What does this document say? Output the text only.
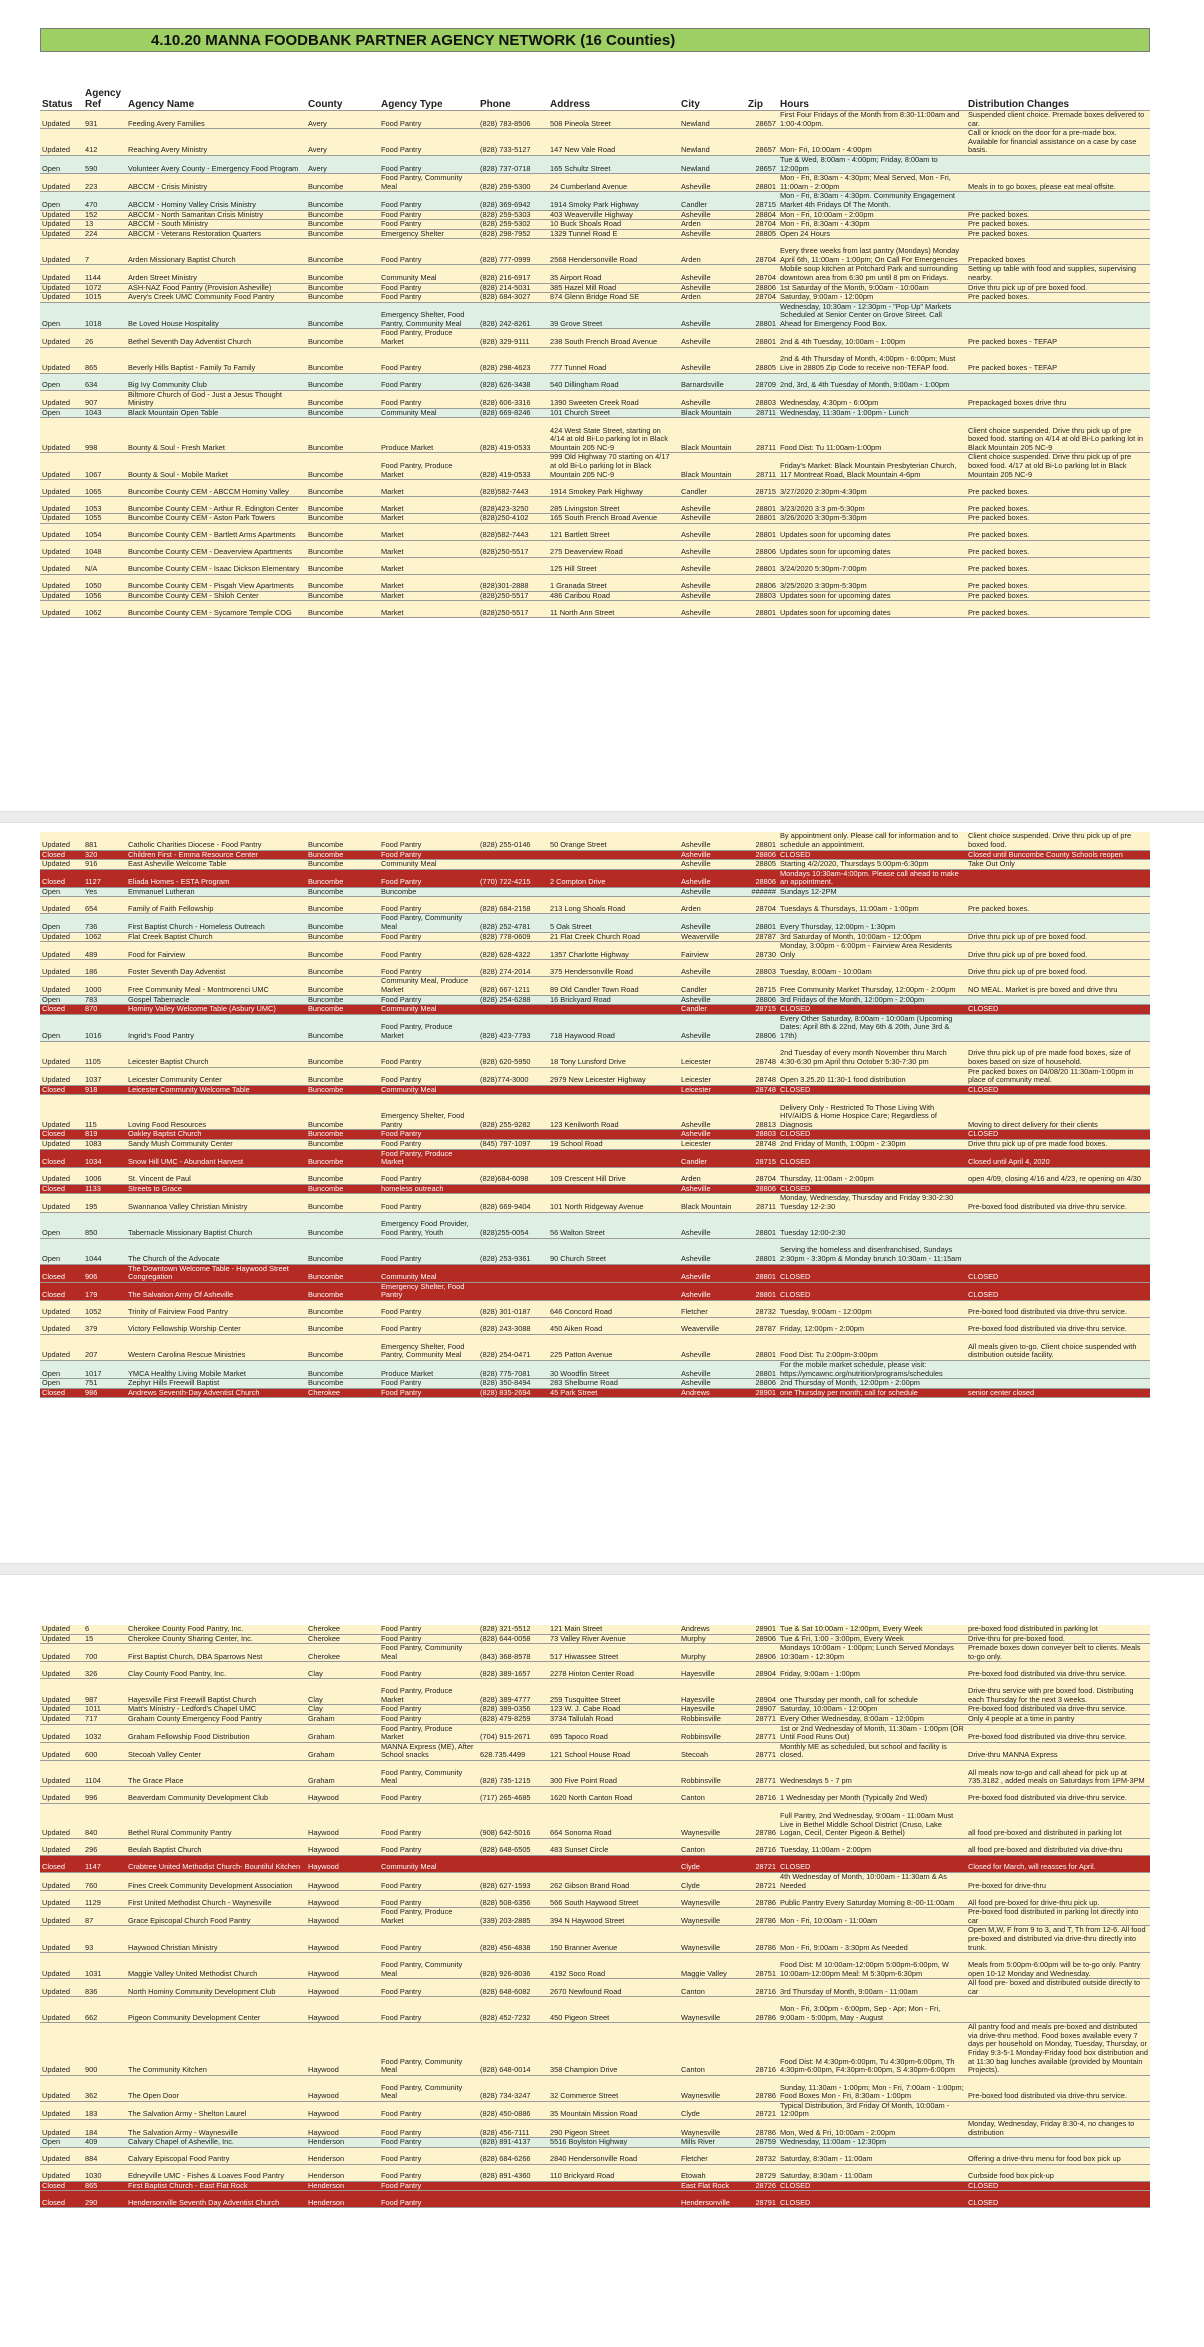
4.10.20 MANNA FOODBANK PARTNER AGENCY NETWORK (16 Counties)
Status	Agency Ref	Agency Name	County	Agency Type	Phone	Address	City	Zip	Hours	Distribution Changes
Updated	931	Feeding Avery Families	Avery	Food Pantry	(828) 783-8506	508 Pineola Street	Newland	28657	First Four Fridays of the Month from 8:30-11:00am and 1:00-4:00pm.	Suspended client choice. Premade boxes delivered to car.
Updated	412	Reaching Avery Ministry	Avery	Food Pantry	(828) 733-5127	147 New Vale Road	Newland	28657	Mon- Fri, 10:00am - 4:00pm	Call or knock on the door for a pre-made box. Available for financial assistance on a case by case basis.
Open	590	Volunteer Avery County - Emergency Food Program	Avery	Food Pantry	(828) 737-0718	165 Schultz Street	Newland	28657	Tue & Wed, 8:00am - 4:00pm; Friday, 8:00am to 12:00pm	
Updated	223	ABCCM - Crisis Ministry	Buncombe	Food Pantry, Community Meal	(828) 259-5300	24 Cumberland Avenue	Asheville	28801	Mon - Fri, 8:30am - 4:30pm; Meal Served, Mon - Fri, 11:00am - 2:00pm	Meals in to go boxes, please eat meal offsite.
Open	470	ABCCM - Hominy Valley Crisis Ministry	Buncombe	Food Pantry	(828) 369-6942	1914 Smoky Park Highway	Candler	28715	Mon - Fri, 8:30am - 4:30pm. Community Engagement Market 4th Fridays Of The Month.	
Updated	152	ABCCM - North Samaritan Crisis Ministry	Buncombe	Food Pantry	(828) 259-5303	403 Weaverville Highway	Asheville	28804	Mon - Fri, 10:00am - 2:00pm	Pre packed boxes.
Updated	13	ABCCM - South Ministry	Buncombe	Food Pantry	(828) 259-5302	10 Buck Shoals Road	Arden	28704	Mon - Fri, 8:30am - 4:30pm	Pre packed boxes.
Updated	224	ABCCM - Veterans Restoration Quarters	Buncombe	Emergency Shelter	(828) 298-7952	1329 Tunnel Road E	Asheville	28805	Open 24 Hours	Pre packed boxes.
Updated	7	Arden Missionary Baptist Church	Buncombe	Food Pantry	(828) 777-0999	2568 Hendersonville Road	Arden	28704	Every three weeks from last pantry (Mondays) Monday April 6th, 11:00am - 1:00pm; On Call For Emergencies	Prepacked boxes
Updated	1144	Arden Street Ministry	Buncombe	Community Meal	(828) 216-6917	35 Airport Road	Asheville	28704	Mobile soup kitchen at Pritchard Park and surrounding downtown area from 6:30 pm until 8 pm on Fridays.	Setting up table with food and supplies, supervising nearby.
Updated	1072	ASH-NAZ Food Pantry (Provision Asheville)	Buncombe	Food Pantry	(828) 214-5031	385 Hazel Mill Road	Asheville	28806	1st Saturday of the Month, 9:00am - 10:00am	Drive thru pick up of pre boxed food.
Updated	1015	Avery's Creek UMC Community Food Pantry	Buncombe	Food Pantry	(828) 684-3027	874 Glenn Bridge Road SE	Arden	28704	Saturday, 9:00am - 12:00pm	Pre packed boxes.
Open	1018	Be Loved House Hospitality	Buncombe	Emergency Shelter, Food Pantry, Community Meal	(828) 242-8261	39 Grove Street	Asheville	28801	Wednesday, 10:30am - 12:30pm - "Pop Up" Markets Scheduled at Senior Center on Grove Street. Call Ahead for Emergency Food Box.	
Updated	26	Bethel Seventh Day Adventist Church	Buncombe	Food Pantry, Produce Market	(828) 329-9111	238 South French Broad Avenue	Asheville	28801	2nd & 4th Tuesday, 10:00am - 1:00pm	Pre packed boxes - TEFAP
Updated	865	Beverly Hills Baptist - Family To Family	Buncombe	Food Pantry	(828) 298-4623	777 Tunnel Road	Asheville	28805	2nd & 4th Thursday of Month, 4:00pm - 6:00pm; Must Live in 28805 Zip Code to receive non-TEFAP food.	Pre packed boxes - TEFAP
Open	634	Big Ivy Community Club	Buncombe	Food Pantry	(828) 626-3438	540 Dillingham Road	Barnardsville	28709	2nd, 3rd, & 4th Tuesday of Month, 9:00am - 1:00pm	
Updated	907	Biltmore Church of God - Just a Jesus Thought Ministry	Buncombe	Food Pantry	(828) 606-3316	1390 Sweeten Creek Road	Asheville	28803	Wednesday, 4:30pm - 6:00pm	Prepackaged boxes drive thru
Open	1043	Black Mountain Open Table	Buncombe	Community Meal	(828) 669-8246	101 Church Street	Black Mountain	28711	Wednesday, 11:30am - 1:00pm - Lunch	
Updated	998	Bounty & Soul - Fresh Market	Buncombe	Produce Market	(828) 419-0533	424 West State Street, starting on 4/14 at old Bi-Lo parking lot in Black Mountain 205 NC-9	Black Mountain	28711	Food Dist: Tu 11:00am-1:00pm	Client choice suspended. Drive thru pick up of pre boxed food. starting on 4/14 at old Bi-Lo parking lot in Black Mountain 205 NC-9
Updated	1067	Bounty & Soul - Mobile Market	Buncombe	Food Pantry, Produce Market	(828) 419-0533	999 Old Highway 70 starting on 4/17 at old Bi-Lo parking lot in Black Mountain 205 NC-9	Black Mountain	28711	Friday's Market: Black Mountain Presbyterian Church, 117 Montreat Road, Black Mountain 4-6pm	Client choice suspended. Drive thru pick up of pre boxed food. 4/17 at old Bi-Lo parking lot in Black Mountain 205 NC-9
Updated	1065	Buncombe County CEM - ABCCM Hominy Valley	Buncombe	Market	(828)582-7443	1914 Smokey Park Highway	Candler	28715	3/27/2020 2:30pm-4:30pm	Pre packed boxes.
Updated	1053	Buncombe County CEM - Arthur R. Edington Center	Buncombe	Market	(828)423-3250	285 Livingston Street	Asheville	28801	3/23/2020 3:3 pm-5:30pm	Pre packed boxes.
Updated	1055	Buncombe County CEM - Aston Park Towers	Buncombe	Market	(828)250-4102	165 South French Broad Avenue	Asheville	28801	3/26/2020 3:30pm-5:30pm	Pre packed boxes.
Updated	1054	Buncombe County CEM - Bartlett Arms Apartments	Buncombe	Market	(828)582-7443	121 Bartlett Street	Asheville	28801	Updates soon for upcoming dates	Pre packed boxes.
Updated	1048	Buncombe County CEM - Deaverview Apartments	Buncombe	Market	(828)250-5517	275 Deaverview Road	Asheville	28806	Updates soon for upcoming dates	Pre packed boxes.
Updated	N/A	Buncombe County CEM - Isaac Dickson Elementary	Buncombe	Market		125 Hill Street	Asheville	28801	3/24/2020 5:30pm-7:00pm	Pre packed boxes.
Updated	1050	Buncombe County CEM - Pisgah View Apartments	Buncombe	Market	(828)301-2888	1 Granada Street	Asheville	28806	3/25/2020 3:30pm-5:30pm	Pre packed boxes.
Updated	1056	Buncombe County CEM - Shiloh Center	Buncombe	Market	(828)250-5517	486 Caribou Road	Asheville	28803	Updates soon for upcoming dates	Pre packed boxes.
Updated	1062	Buncombe County CEM - Sycamore Temple COG	Buncombe	Market	(828)250-5517	11 North Ann Street	Asheville	28801	Updates soon for upcoming dates	Pre packed boxes.
Updated	881	Catholic Charities Diocese - Food Pantry	Buncombe	Food Pantry	(828) 255-0146	50 Orange Street	Asheville	28801	By appointment only. Please call for information and to schedule an appointment.	Client choice suspended. Drive thru pick up of pre boxed food.
Closed	320	Children First - Emma Resource Center	Buncombe	Food Pantry			Asheville	28806	CLOSED	Closed until Buncombe County Schools reopen
Updated	916	East Asheville Welcome Table	Buncombe	Community Meal			Asheville	28805	Starting 4/2/2020, Thursdays 5:00pm-6:30pm	Take Out Only
Closed	1127	Eliada Homes - ESTA Program	Buncombe	Food Pantry	(770) 722-4215	2 Compton Drive	Asheville	28806	Mondays 10:30am-4:00pm. Please call ahead to make an appointment.	
Open	Yes	Emmanuel Lutheran	Buncombe	Buncombe			Asheville	######	Sundays 12-2PM	
Updated	654	Family of Faith Fellowship	Buncombe	Food Pantry	(828) 684-2158	213 Long Shoals Road	Arden	28704	Tuesdays & Thursdays, 11:00am - 1:00pm	Pre packed boxes.
Open	736	First Baptist Church - Homeless Outreach	Buncombe	Food Pantry, Community Meal	(828) 252-4781	5 Oak Street	Asheville	28801	Every Thursday, 12:00pm - 1:30pm	
Updated	1062	Flat Creek Baptist Church	Buncombe	Food Pantry	(828) 778-0609	21 Flat Creek Church Road	Weaverville	28787	3rd Saturday of Month, 10:00am - 12:00pm	Drive thru pick up of pre boxed food.
Updated	489	Food for Fairview	Buncombe	Food Pantry	(828) 628-4322	1357 Charlotte Highway	Fairview	28730	Monday, 3:00pm - 6:00pm - Fairview Area Residents Only	Drive thru pick up of pre boxed food.
Updated	186	Foster Seventh Day Adventist	Buncombe	Food Pantry	(828) 274-2014	375 Hendersonville Road	Asheville	28803	Tuesday, 8:00am - 10:00am	Drive thru pick up of pre boxed food.
Updated	1000	Free Community Meal - Montmorenci UMC	Buncombe	Community Meal, Produce Market	(828) 667-1211	89 Old Candler Town Road	Candler	28715	Free Community Market Thursday, 12:00pm - 2:00pm	NO MEAL. Market is pre boxed and drive thru
Open	783	Gospel Tabernacle	Buncombe	Food Pantry	(828) 254-6288	16 Brickyard Road	Asheville	28806	3rd Fridays of the Month, 12:00pm - 2:00pm	
Closed	870	Hominy Valley Welcome Table (Asbury UMC)	Buncombe	Community Meal			Candler	28715	CLOSED	CLOSED
Open	1016	Ingrid's Food Pantry	Buncombe	Food Pantry, Produce Market	(828) 423-7793	718 Haywood Road	Asheville	28806	Every Other Saturday, 8:00am - 10:00am (Upcoming Dates: April 8th & 22nd, May 6th & 20th, June 3rd & 17th)	
Updated	1105	Leicester Baptist Church	Buncombe	Food Pantry	(828) 620-5950	18 Tony Lunsford Drive	Leicester	28748	2nd Tuesday of every month November thru March 4:30-6:30 pm April thru October 5:30-7:30 pm	Drive thru pick up of pre made food boxes, size of boxes based on size of household.
Updated	1037	Leicester Community Center	Buncombe	Food Pantry	(828)774-3000	2979 New Leicester Highway	Leicester	28748	Open 3.25.20 11:30-1 food distribution	Pre packed boxes on 04/08/20 11:30am-1:00pm in place of community meal.
Closed	918	Leicester Community Welcome Table	Buncombe	Community Meal			Leicester	28748	CLOSED	CLOSED
Updated	115	Loving Food Resources	Buncombe	Emergency Shelter, Food Pantry	(828) 255-9282	123 Kenilworth Road	Asheville	28813	Delivery Only - Restricted To Those Living With HIV/AIDS & Home Hospice Care; Regardless of Diagnosis	Moving to direct delivery for their clients
Closed	819	Oakley Baptist Church	Buncombe	Food Pantry			Asheville	28803	CLOSED	CLOSED
Updated	1083	Sandy Mush Community Center	Buncombe	Food Pantry	(845) 797-1097	19 School Road	Leicester	28748	2nd Friday of Month, 1:00pm - 2:30pm	Drive thru pick up of pre made food boxes.
Closed	1034	Snow Hill UMC - Abundant Harvest	Buncombe	Food Pantry, Produce Market			Candler	28715	CLOSED	Closed until April 4, 2020
Updated	1006	St. Vincent de Paul	Buncombe	Food Pantry	(828)684-6098	109 Crescent Hill Drive	Arden	28704	Thursday, 11:00am - 2:00pm	open 4/09, closing 4/16 and 4/23, re opening on 4/30
Closed	1133	Streets to Grace	Buncombe	homeless outreach			Asheville	28806	CLOSED	
Updated	195	Swannanoa Valley Christian Ministry	Buncombe	Food Pantry	(828) 669-9404	101 North Ridgeway Avenue	Black Mountain	28711	Monday, Wednesday, Thursday and Friday 9:30-2:30 Tuesday 12-2:30	Pre-boxed food distributed via drive-thru service.
Open	850	Tabernacle Missionary Baptist Church	Buncombe	Emergency Food Provider, Food Pantry, Youth	(828)255-0054	56 Walton Street	Asheville	28801	Tuesday 12:00-2:30	
Open	1044	The Church of the Advocate	Buncombe	Food Pantry	(828) 253-9361	90 Church Street	Asheville	28801	Serving the homeless and disenfranchised, Sundays 2:30pm - 3:30pm & Monday brunch 10:30am - 11:15am	
Closed	906	The Downtown Welcome Table - Haywood Street Congregation	Buncombe	Community Meal			Asheville	28801	CLOSED	CLOSED
Closed	179	The Salvation Army Of Asheville	Buncombe	Emergency Shelter, Food Pantry			Asheville	28801	CLOSED	CLOSED
Updated	1052	Trinity of Fairview Food Pantry	Buncombe	Food Pantry	(828) 301-0187	646 Concord Road	Fletcher	28732	Tuesday, 9:00am - 12:00pm	Pre-boxed food distributed via drive-thru service.
Updated	379	Victory Fellowship Worship Center	Buncombe	Food Pantry	(828) 243-3088	450 Aiken Road	Weaverville	28787	Friday, 12:00pm - 2:00pm	Pre-boxed food distributed via drive-thru service.
Updated	207	Western Carolina Rescue Ministries	Buncombe	Emergency Shelter, Food Pantry, Community Meal	(828) 254-0471	225 Patton Avenue	Asheville	28801	Food Dist: Tu 2:00pm-3:00pm	All meals given to-go. Client choice suspended with distribution outside facility.
Open	1017	YMCA Healthy Living Mobile Market	Buncombe	Produce Market	(828) 775-7081	30 Woodfin Street	Asheville	28801	For the mobile market schedule, please visit: https://ymcawnc.org/nutrition/programs/schedules	
Open	751	Zephyr Hills Freewill Baptist	Buncombe	Food Pantry	(828) 350-8494	283 Shelburne Road	Asheville	28806	2nd Thursday of Month, 12:00pm - 2:00pm	
Closed	986	Andrews Seventh-Day Adventist Church	Cherokee	Food Pantry	(828) 835-2694	45 Park Street	Andrews	28901	one Thursday per month; call for schedule	senior center closed
Updated	6	Cherokee County Food Pantry, Inc.	Cherokee	Food Pantry	(828) 321-5512	121 Main Street	Andrews	28901	Tue & Sat 10:00am - 12:00pm, Every Week	pre-boxed food distributed in parking lot
Updated	15	Cherokee County Sharing Center, Inc.	Cherokee	Food Pantry	(828) 644-0058	73 Valley River Avenue	Murphy	28906	Tue & Fri, 1:00 - 3:00pm, Every Week	Drive-thru for pre-boxed food.
Updated	700	First Baptist Church, DBA Sparrows Nest	Cherokee	Food Pantry, Community Meal	(843) 368-8578	517 Hiwassee Street	Murphy	28906	Mondays 10:00am - 1:00pm; Lunch Served Mondays 10:30am - 12:30pm	Premade boxes down conveyer belt to clients. Meals to-go only.
Updated	326	Clay County Food Pantry, Inc.	Clay	Food Pantry	(828) 389-1657	2278 Hinton Center Road	Hayesville	28904	Friday, 9:00am - 1:00pm	Pre-boxed food distributed via drive-thru service.
Updated	987	Hayesville First Freewill Baptist Church	Clay	Food Pantry, Produce Market	(828) 389-4777	259 Tusquittee Street	Hayesville	28904	one Thursday per month, call for schedule	Drive-thru service with pre boxed food. Distributing each Thursday for the next 3 weeks.
Updated	1011	Matt's Ministry - Ledford's Chapel UMC	Clay	Food Pantry	(828) 389-0356	123 W. J. Cabe Road	Hayesville	28907	Saturday, 10:00am - 12:00pm	Pre-boxed food distributed via drive-thru service.
Updated	717	Graham County Emergency Food Pantry	Graham	Food Pantry	(828) 479-8259	3734 Tallulah Road	Robbinsville	28771	Every Other Wednesday, 8:00am - 12:00pm	Only 4 people at a time in pantry
Updated	1032	Graham Fellowship Food Distribution	Graham	Food Pantry, Produce Market	(704) 915-2671	695 Tapoco Road	Robbinsville	28771	1st or 2nd Wednesday of Month, 11:30am - 1:00pm (OR Until Food Runs Out)	Pre-boxed food distributed via drive-thru service.
Updated	600	Stecoah Valley Center	Graham	MANNA Express (ME), After School snacks	628.735.4499	121 School House Road	Stecoah	28771	Monthly ME as scheduled, but school and facility is closed.	Drive-thru MANNA Express
Updated	1104	The Grace Place	Graham	Food Pantry, Community Meal	(828) 735-1215	300 Five Point Road	Robbinsville	28771	Wednesdays 5 - 7 pm	All meals now to-go and call ahead for pick up at 735.3182 , added meals on Saturdays from 1PM-3PM
Updated	996	Beaverdam Community Development Club	Haywood	Food Pantry	(717) 265-4685	1620 North Canton Road	Canton	28716	1 Wednesday per Month (Typically 2nd Wed)	Pre-boxed food distributed via drive-thru service.
Updated	840	Bethel Rural Community Pantry	Haywood	Food Pantry	(908) 642-5016	664 Sonoma Road	Waynesville	28786	Full Pantry, 2nd Wednesday, 9:00am - 11:00am Must Live in Bethel Middle School District (Cruso, Lake Logan, Cecil, Center Pigeon & Bethel)	all food pre-boxed and distributed in parking lot
Updated	296	Beulah Baptist Church	Haywood	Food Pantry	(828) 648-6505	483 Sunset Circle	Canton	28716	Tuesday, 11:00am - 2:00pm	all food pre-boxed and distributed via drive-thru
Closed	1147	Crabtree United Methodist Church- Bountiful Kitchen	Haywood	Community Meal			Clyde	28721	CLOSED	Closed for March, will reasses for April.
Updated	760	Fines Creek Community Development Association	Haywood	Food Pantry	(828) 627-1593	262 Gibson Brand Road	Clyde	28721	4th Wednesday of Month, 10:00am - 11:30am & As Needed	Pre-boxed for drive-thru
Updated	1129	First United Methodist Church - Waynesville	Haywood	Food Pantry	(828) 508-6356	566 South Haywood Street	Waynesville	28786	Public Pantry Every Saturday Morning 8:-00-11:00am	All food pre-boxed for drive-thru pick up.
Updated	87	Grace Episcopal Church Food Pantry	Haywood	Food Pantry, Produce Market	(339) 203-2885	394 N Haywood Street	Waynesville	28786	Mon - Fri, 10:00am - 11:00am	Pre-boxed food distributed in parking lot directly into car
Updated	93	Haywood Christian Ministry	Haywood	Food Pantry	(828) 456-4838	150 Branner Avenue	Waynesville	28786	Mon - Fri, 9:00am - 3:30pm As Needed	Open M,W, F from 9 to 3, and T, Th from 12-6. All food pre-boxed and distributed via drive-thru directly into trunk.
Updated	1031	Maggie Valley United Methodist Church	Haywood	Food Pantry, Community Meal	(828) 926-8036	4192 Soco Road	Maggie Valley	28751	Food Dist: M 10:00am-12:00pm 5:00pm-6:00pm, W 10:00am-12:00pm Meal: M 5:30pm-6:30pm	Meals from 5:00pm-6:00pm will be to-go only. Pantry open 10-12 Monday and Wednesday.
Updated	836	North Hominy Community Development Club	Haywood	Food Pantry	(828) 648-6082	2670 Newfound Road	Canton	28716	3rd Thursday of Month, 9:00am - 11:00am	All food pre- boxed and distributed outside directly to car
Updated	662	Pigeon Community Development Center	Haywood	Food Pantry	(828) 452-7232	450 Pigeon Street	Waynesville	28786	Mon - Fri, 3:00pm - 6:00pm, Sep - Apr; Mon - Fri, 9:00am - 5:00pm, May - August	
Updated	900	The Community Kitchen	Haywood	Food Pantry, Community Meal	(828) 648-0014	358 Champion Drive	Canton	28716	Food Dist: M 4:30pm-6:00pm, Tu 4:30pm-6:00pm, Th 4:30pm-6:00pm, F4:30pm-6:00pm, S 4:30pm-6:00pm	All pantry food and meals pre-boxed and distributed via drive-thru method. Food boxes available every 7 days per household on Monday, Tuesday, Thursday, or Friday 9:3-5-1 Monday-Friday food box distribution and at 11:30 bag lunches available (provided by Mountain Projects).
Updated	362	The Open Door	Haywood	Food Pantry, Community Meal	(828) 734-3247	32 Commerce Street	Waynesville	28786	Sunday, 11:30am - 1:00pm; Mon - Fri, 7:00am - 1:00pm; Food Boxes Mon - Fri, 8:30am - 1:00pm	Pre-boxed food distributed via drive-thru service.
Updated	183	The Salvation Army - Shelton Laurel	Haywood	Food Pantry	(828) 450-0886	35 Mountain Mission Road	Clyde	28721	Typical Distribution, 3rd Friday Of Month, 10:00am - 12:00pm	
Updated	184	The Salvation Army - Waynesville	Haywood	Food Pantry	(828) 456-7111	290 Pigeon Street	Waynesville	28786	Mon, Wed & Fri, 10:00am - 2:00pm	Monday, Wednesday, Friday 8:30-4, no changes to distribution
Open	409	Calvary Chapel of Asheville, Inc.	Henderson	Food Pantry	(828) 891-4137	5516 Boylston Highway	Mills River	28759	Wednesday, 11:00am - 12:30pm	
Updated	884	Calvary Episcopal Food Pantry	Henderson	Food Pantry	(828) 684-6266	2840 Hendersonville Road	Fletcher	28732	Saturday, 8:30am - 11:00am	Offering a drive-thru menu for food box pick up
Updated	1030	Edneyville UMC - Fishes & Loaves Food Pantry	Henderson	Food Pantry	(828) 891-4360	110 Brickyard Road	Etowah	28729	Saturday, 8:30am - 11:00am	Curbside food box pick-up
Closed	865	First Baptist Church - East Flat Rock	Henderson	Food Pantry			East Flat Rock	28726	CLOSED	CLOSED
Closed	290	Hendersonville Seventh Day Adventist Church	Henderson	Food Pantry			Hendersonville	28791	CLOSED	CLOSED
